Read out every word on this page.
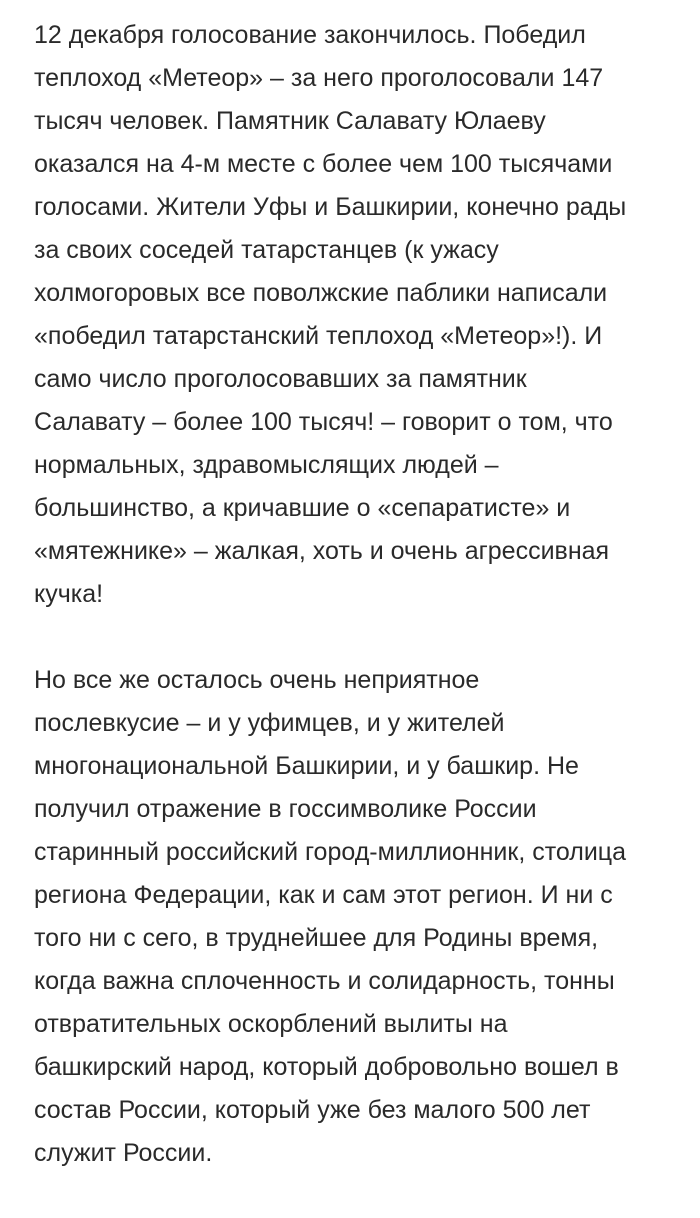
12 декабря голосование закончилось. Победил
теплоход «Метеор» – за него проголосовали 147
тысяч человек. Памятник Салавату Юлаеву
оказался на 4-м месте с более чем 100 тысячами
голосами. Жители Уфы и Башкирии, конечно рады
за своих соседей татарстанцев (к ужасу
холмогоровых все поволжские паблики написали
«победил татарстанский теплоход «Метеор»!). И
само число проголосовавших за памятник
Салавату – более 100 тысяч! – говорит о том, что
нормальных, здравомыслящих людей –
большинство, а кричавшие о «сепаратисте» и
«мятежнике» – жалкая, хоть и очень агрессивная
кучка!

Но все же осталось очень неприятное
послевкусие – и у уфимцев, и у жителей
многонациональной Башкирии, и у башкир. Не
получил отражение в госсимволике России
старинный российский город-миллионник, столица
региона Федерации, как и сам этот регион. И ни с
того ни с сего, в труднейшее для Родины время,
когда важна сплоченность и солидарность, тонны
отвратительных оскорблений вылиты на
башкирский народ, который добровольно вошел в
состав России, который уже без малого 500 лет
служит России.
